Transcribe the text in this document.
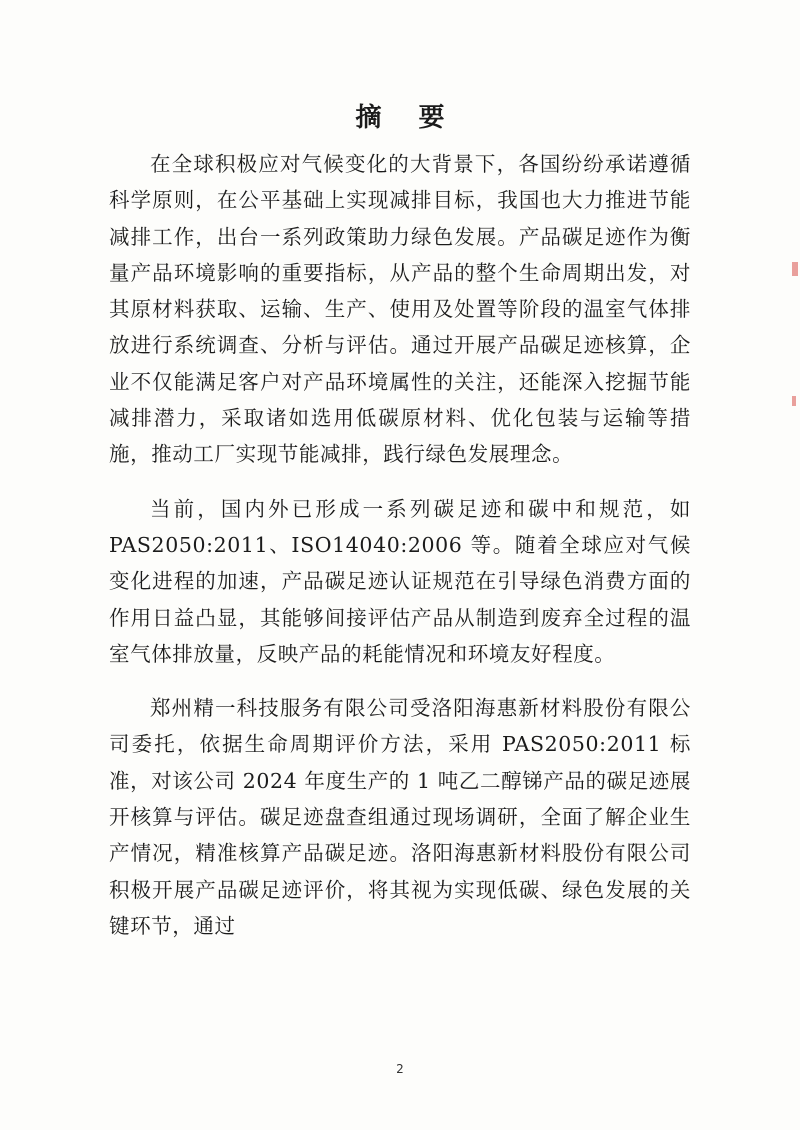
摘 要

在全球积极应对气候变化的大背景下，各国纷纷承诺遵循科学原则，在公平基础上实现减排目标，我国也大力推进节能减排工作，出台一系列政策助力绿色发展。产品碳足迹作为衡量产品环境影响的重要指标，从产品的整个生命周期出发，对其原材料获取、运输、生产、使用及处置等阶段的温室气体排放进行系统调查、分析与评估。通过开展产品碳足迹核算，企业不仅能满足客户对产品环境属性的关注，还能深入挖掘节能减排潜力，采取诸如选用低碳原材料、优化包装与运输等措施，推动工厂实现节能减排，践行绿色发展理念。

当前，国内外已形成一系列碳足迹和碳中和规范，如PAS2050:2011、ISO14040:2006 等。随着全球应对气候变化进程的加速，产品碳足迹认证规范在引导绿色消费方面的作用日益凸显，其能够间接评估产品从制造到废弃全过程的温室气体排放量，反映产品的耗能情况和环境友好程度。

郑州精一科技服务有限公司受洛阳海惠新材料股份有限公司委托，依据生命周期评价方法，采用 PAS2050:2011 标准，对该公司 2024 年度生产的 1 吨乙二醇锑产品的碳足迹展开核算与评估。碳足迹盘查组通过现场调研，全面了解企业生产情况，精准核算产品碳足迹。洛阳海惠新材料股份有限公司积极开展产品碳足迹评价，将其视为实现低碳、绿色发展的关键环节，通过

2
